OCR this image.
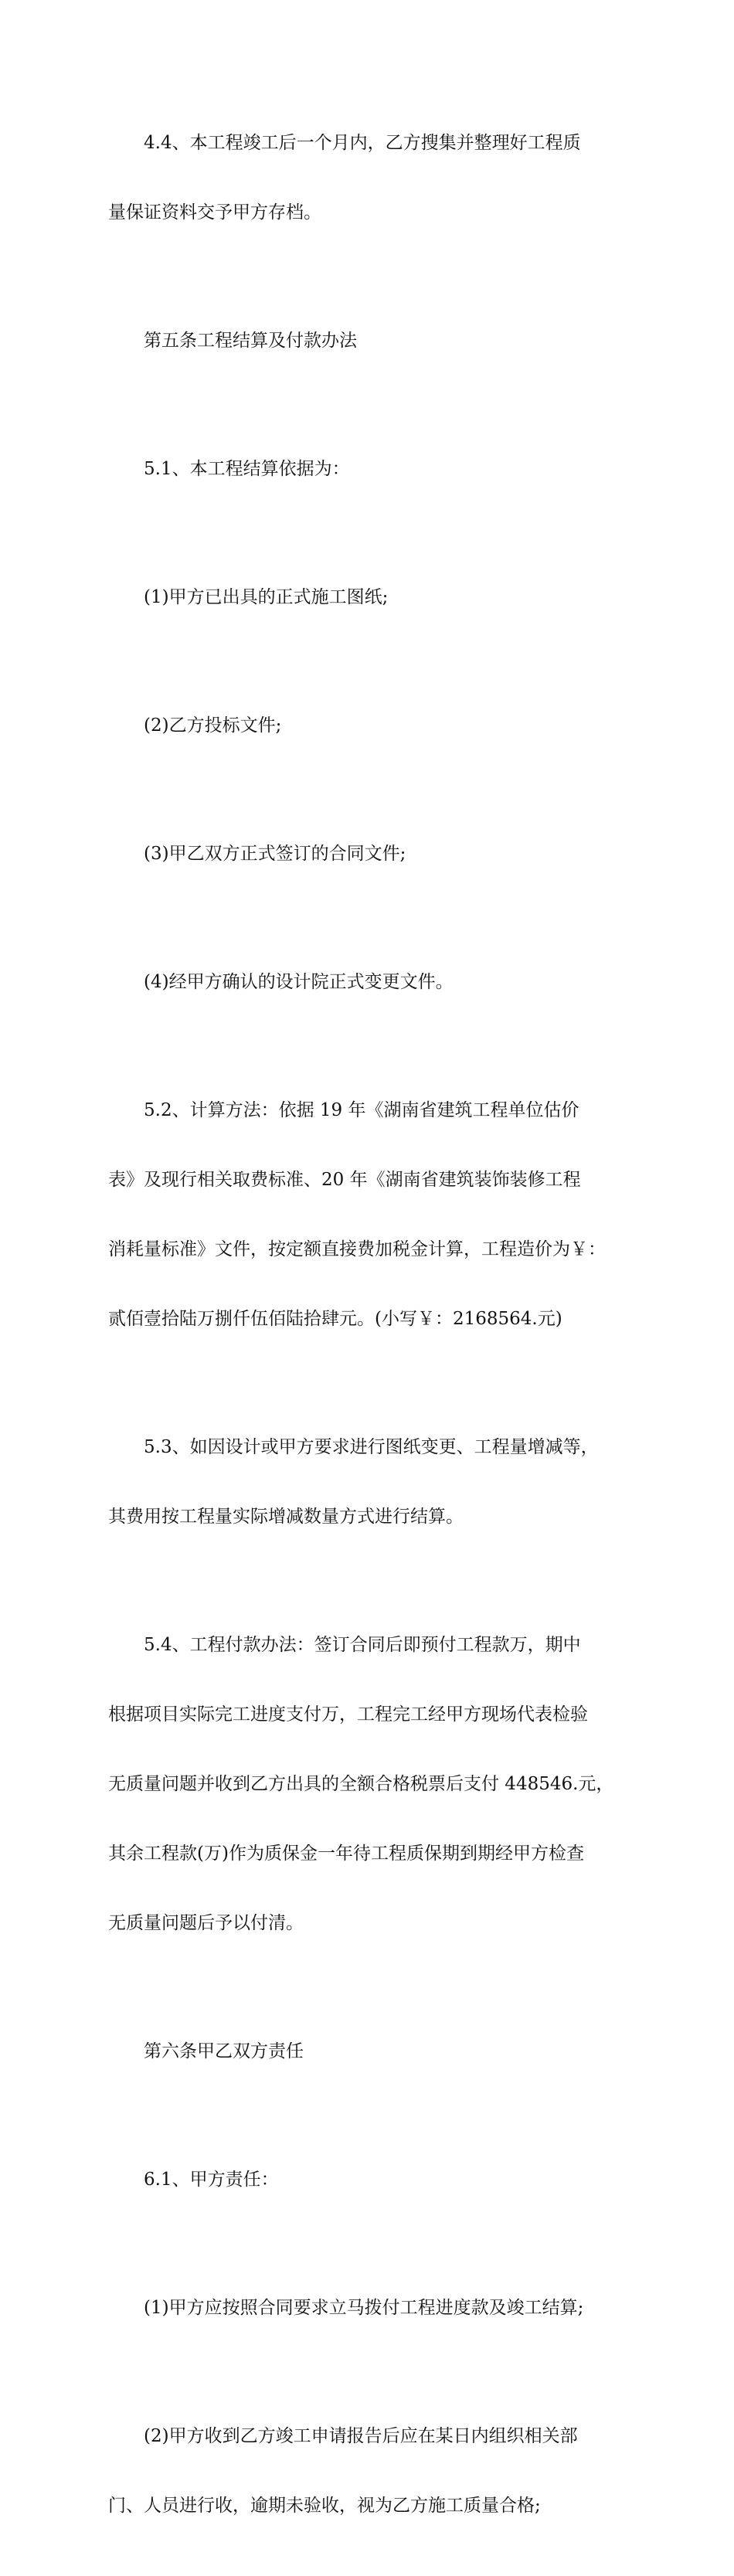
4.4、本工程竣工后一个月内，乙方搜集并整理好工程质

量保证资料交予甲方存档。

第五条工程结算及付款办法

5.1、本工程结算依据为：

(1)甲方已出具的正式施工图纸;

(2)乙方投标文件;

(3)甲乙双方正式签订的合同文件;

(4)经甲方确认的设计院正式变更文件。

5.2、计算方法：依据 19 年《湖南省建筑工程单位估价

表》及现行相关取费标准、20 年《湖南省建筑装饰装修工程

消耗量标准》文件，按定额直接费加税金计算，工程造价为￥：

贰佰壹拾陆万捌仟伍佰陆拾肆元。(小写￥：2168564.元)

5.3、如因设计或甲方要求进行图纸变更、工程量增减等，

其费用按工程量实际增减数量方式进行结算。

5.4、工程付款办法：签订合同后即预付工程款万，期中

根据项目实际完工进度支付万，工程完工经甲方现场代表检验

无质量问题并收到乙方出具的全额合格税票后支付 448546.元，

其余工程款(万)作为质保金一年待工程质保期到期经甲方检查

无质量问题后予以付清。

第六条甲乙双方责任

6.1、甲方责任：

(1)甲方应按照合同要求立马拨付工程进度款及竣工结算;

(2)甲方收到乙方竣工申请报告后应在某日内组织相关部

门、人员进行收，逾期未验收，视为乙方施工质量合格;
